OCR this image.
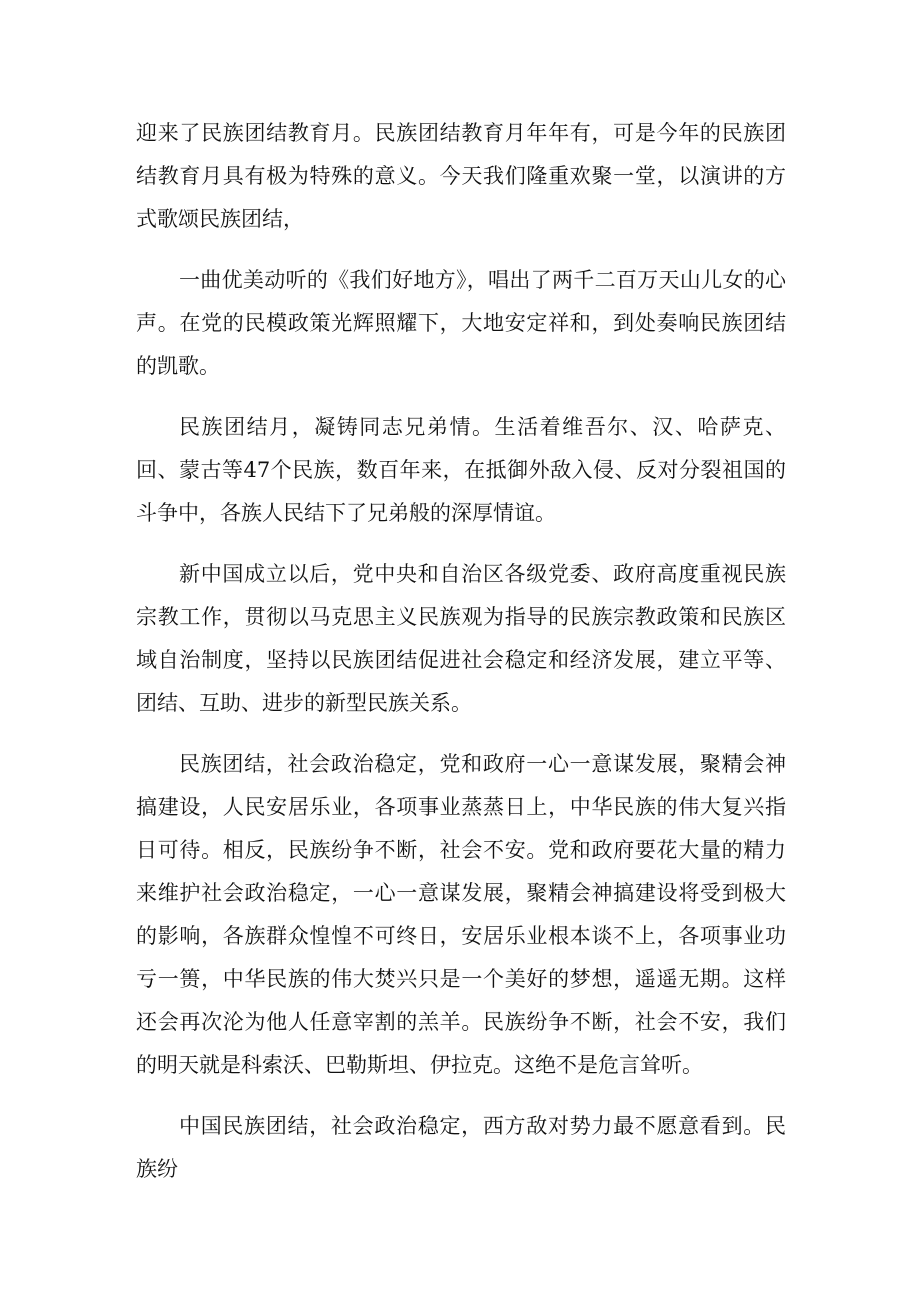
迎来了民族团结教育月。民族团结教育月年年有，可是今年的民族团结教育月具有极为特殊的意义。今天我们隆重欢聚一堂，以演讲的方式歌颂民族团结，

一曲优美动听的《我们好地方》，唱出了两千二百万天山儿女的心声。在党的民模政策光辉照耀下，大地安定祥和，到处奏响民族团结的凯歌。

民族团结月，凝铸同志兄弟情。生活着维吾尔、汉、哈萨克、回、蒙古等47个民族，数百年来，在抵御外敌入侵、反对分裂祖国的斗争中，各族人民结下了兄弟般的深厚情谊。

新中国成立以后，党中央和自治区各级党委、政府高度重视民族宗教工作，贯彻以马克思主义民族观为指导的民族宗教政策和民族区域自治制度，坚持以民族团结促进社会稳定和经济发展，建立平等、团结、互助、进步的新型民族关系。

民族团结，社会政治稳定，党和政府一心一意谋发展，聚精会神搞建设，人民安居乐业，各项事业蒸蒸日上，中华民族的伟大复兴指日可待。相反，民族纷争不断，社会不安。党和政府要花大量的精力来维护社会政治稳定，一心一意谋发展，聚精会神搞建设将受到极大的影响，各族群众惶惶不可终日，安居乐业根本谈不上，各项事业功亏一篑，中华民族的伟大焚兴只是一个美好的梦想，遥遥无期。这样还会再次沦为他人任意宰割的羔羊。民族纷争不断，社会不安，我们的明天就是科索沃、巴勒斯坦、伊拉克。这绝不是危言耸听。

中国民族团结，社会政治稳定，西方敌对势力最不愿意看到。民族纷
